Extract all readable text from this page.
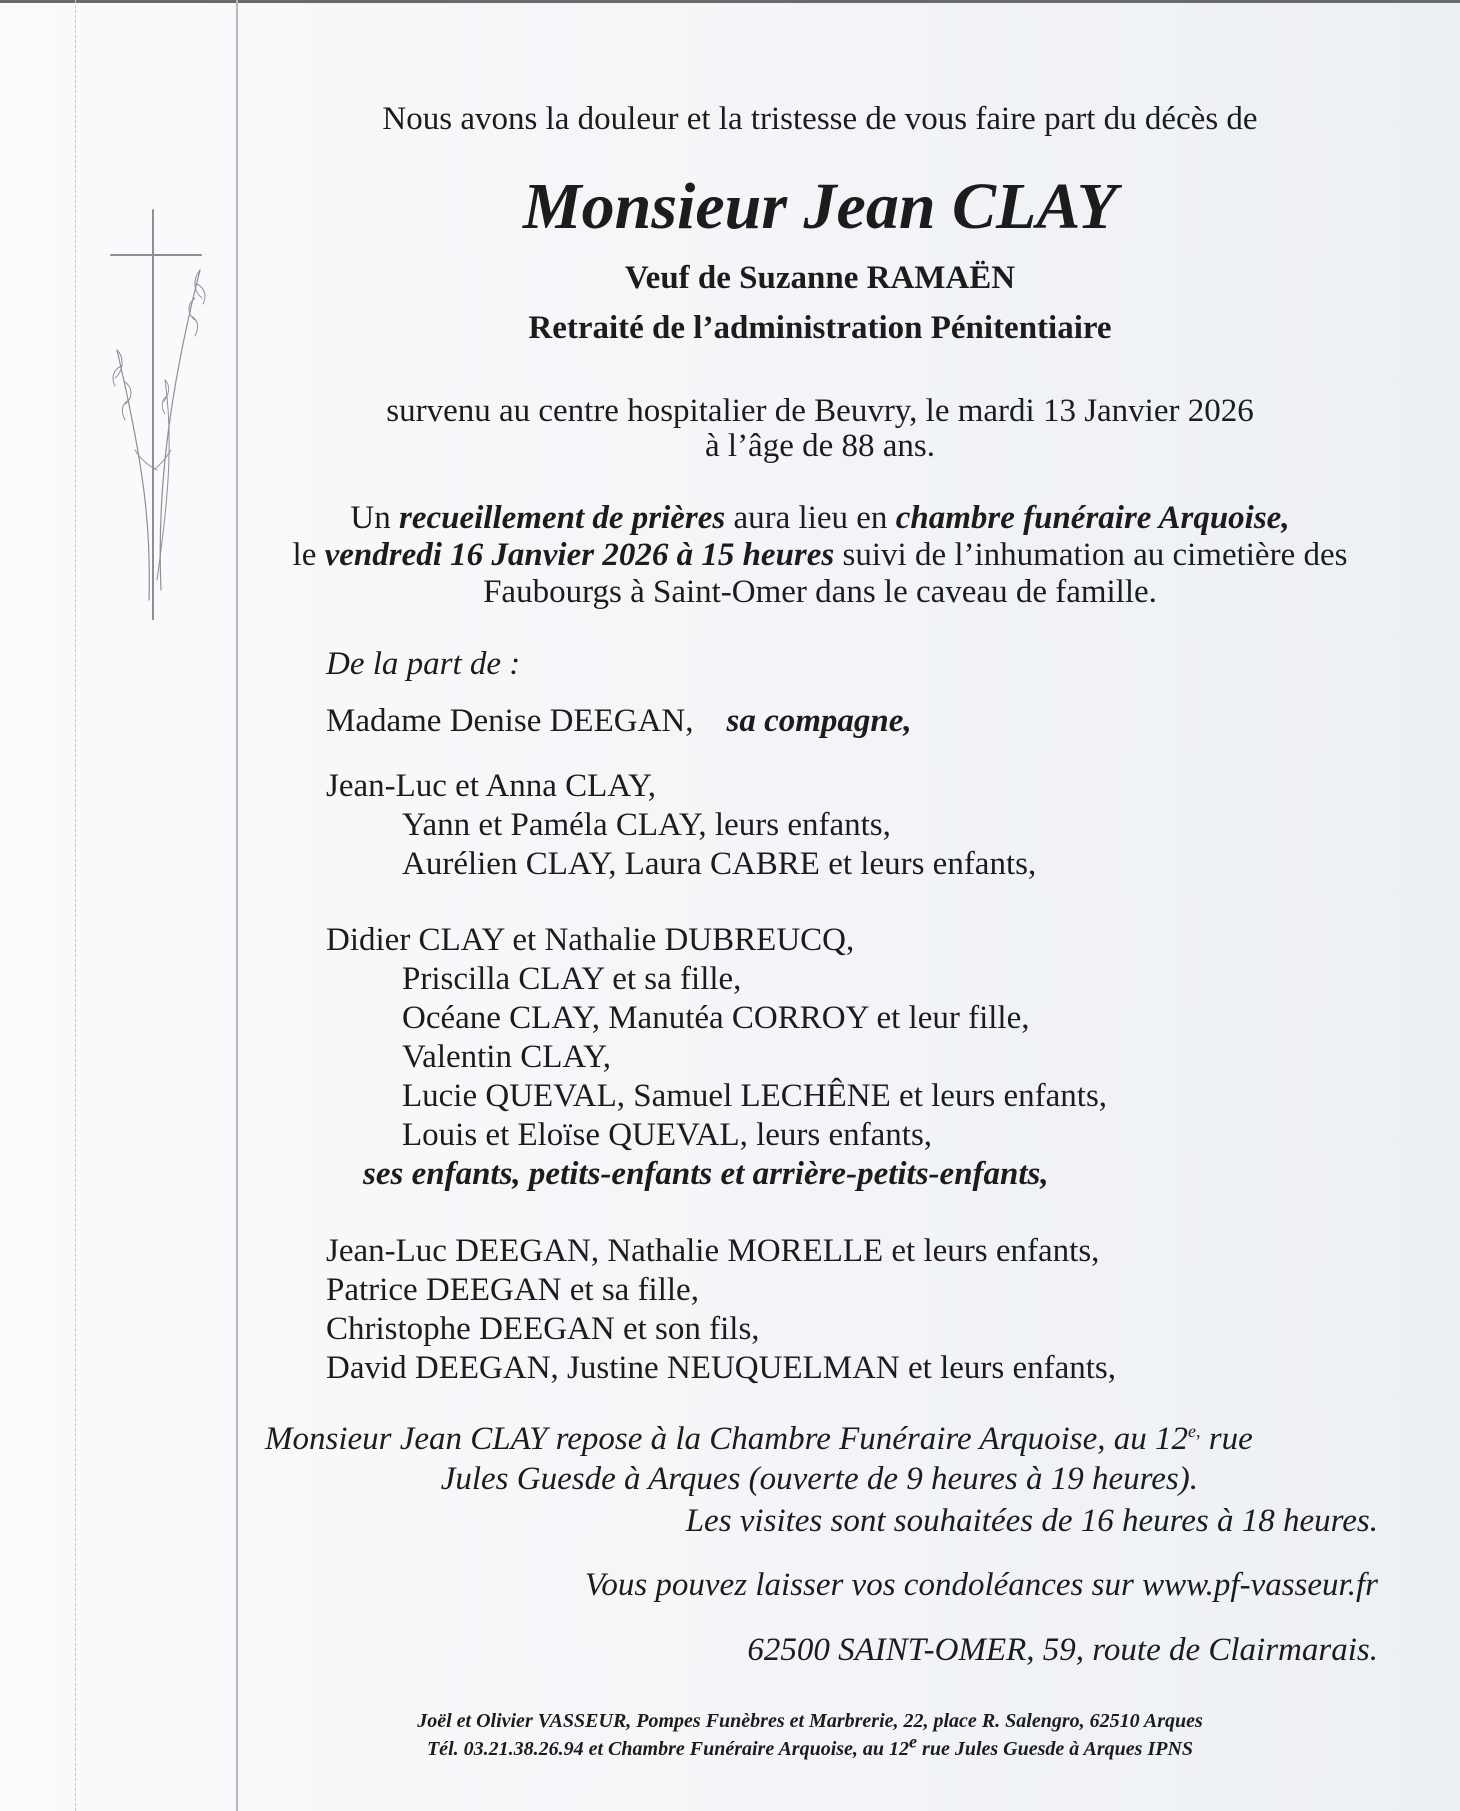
Nous avons la douleur et la tristesse de vous faire part du décès de
Monsieur Jean CLAY
Veuf de Suzanne RAMAËN
Retraité de l’administration Pénitentiaire
survenu au centre hospitalier de Beuvry, le mardi 13 Janvier 2026
à l’âge de 88 ans.
Un recueillement de prières aura lieu en chambre funéraire Arquoise,
le vendredi 16 Janvier 2026 à 15 heures suivi de l’inhumation au cimetière des
Faubourgs à Saint-Omer dans le caveau de famille.
De la part de :
Madame Denise DEEGAN, sa compagne,
Jean-Luc et Anna CLAY,
Yann et Paméla CLAY, leurs enfants,
Aurélien CLAY, Laura CABRE et leurs enfants,
Didier CLAY et Nathalie DUBREUCQ,
Priscilla CLAY et sa fille,
Océane CLAY, Manutéa CORROY et leur fille,
Valentin CLAY,
Lucie QUEVAL, Samuel LECHÊNE et leurs enfants,
Louis et Eloïse QUEVAL, leurs enfants,
ses enfants, petits-enfants et arrière-petits-enfants,
Jean-Luc DEEGAN, Nathalie MORELLE et leurs enfants,
Patrice DEEGAN et sa fille,
Christophe DEEGAN et son fils,
David DEEGAN, Justine NEUQUELMAN et leurs enfants,
Monsieur Jean CLAY repose à la Chambre Funéraire Arquoise, au $12^{e,}$ rue
Jules Guesde à Arques (ouverte de 9 heures à 19 heures).
Les visites sont souhaitées de 16 heures à 18 heures.
Vous pouvez laisser vos condoléances sur www.pf-vasseur.fr
62500 SAINT-OMER, 59, route de Clairmarais.
Joël et Olivier VASSEUR, Pompes Funèbres et Marbrerie, 22, place R. Salengro, 62510 Arques
Tél. 03.21.38.26.94 et Chambre Funéraire Arquoise, au 12e rue Jules Guesde à Arques IPNS
